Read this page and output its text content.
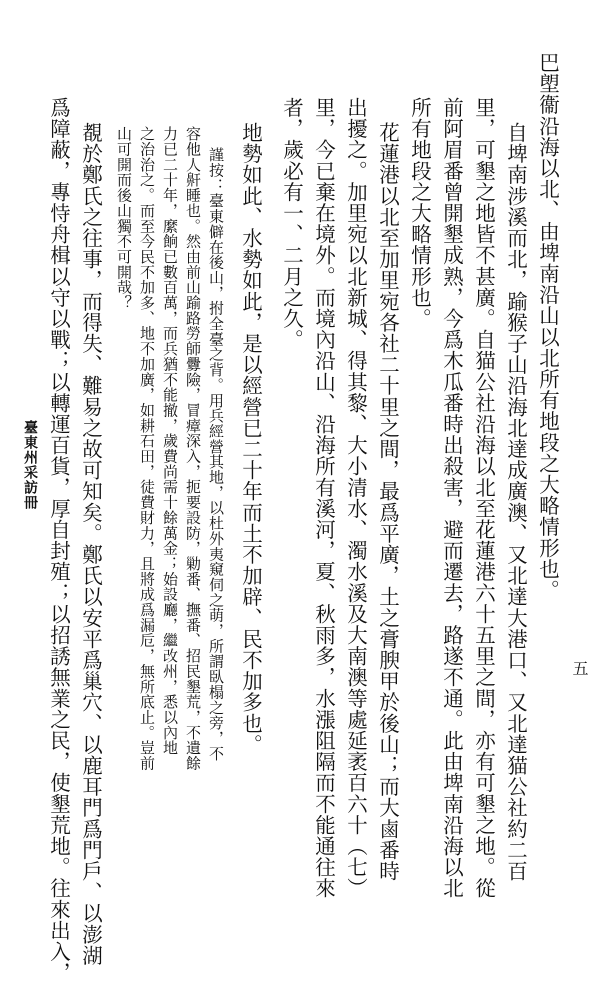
五
巴塱衞沿海以北、由埤南沿山以北所有地段之大略情形也。
自埤南涉溪而北，踰猴子山沿海北達成廣澳、又北達大港口、又北達猫公社約二百
里，可墾之地皆不甚廣。自猫公社沿海以北至花蓮港六十五里之間，亦有可墾之地。從
前阿眉番曾開墾成熟，今爲木瓜番時出殺害，避而遷去，路遂不通。此由埤南沿海以北
所有地段之大略情形也。
花蓮港以北至加里宛各社二十里之間，最爲平廣，土之膏腴甲於後山；而大鹵番時
出擾之。加里宛以北新城、得其黎、大小清水、濁水溪及大南澳等處延袤百六十（七）
里，今已棄在境外。而境內沿山、沿海所有溪河，夏、秋雨多，水漲阻隔而不能通往來
者，歲必有一、二月之久。
地勢如此、水勢如此，是以經營已二十年而土不加辟、民不加多也。
謹按：臺東僻在後山，拊全臺之背。用兵經營其地，以杜外夷窺伺之萌，所謂臥榻之旁，不
容他人鼾睡也。然由前山踰路勞師釁險，冒瘴深入，扼要設防，勦番、撫番、招民墾荒，不遺餘
力已二十年，縻餉已數百萬，而兵猶不能撤，歲費尚需十餘萬金；始設廳，繼改州，悉以內地
之治治之。而至今民不加多、地不加廣，如耕石田，徒費財力，且將成爲漏卮，無所底止。豈前
山可開而後山獨不可開哉？
覩於鄭氏之往事，而得失、難易之故可知矣。鄭氏以安平爲巢穴、以鹿耳門爲門戶、以澎湖
爲障蔽，專恃舟楫以守以戰；以轉運百貨，厚自封殖；以招誘無業之民，使墾荒地。往來出入，
臺東州采訪冊
